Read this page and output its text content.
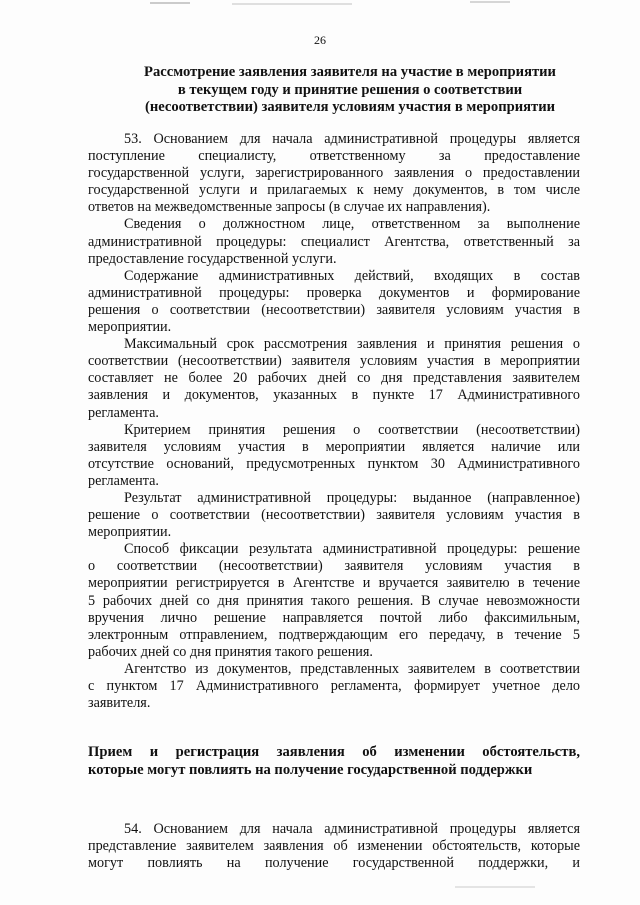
26
Рассмотрение заявления заявителя на участие в мероприятии
в текущем году и принятие решения о соответствии
(несоответствии) заявителя условиям участия в мероприятии
53. Основанием для начала административной процедуры является
поступление специалисту, ответственному за предоставление
государственной услуги, зарегистрированного заявления о предоставлении
государственной услуги и прилагаемых к нему документов, в том числе
ответов на межведомственные запросы (в случае их направления).
Сведения о должностном лице, ответственном за выполнение
административной процедуры: специалист Агентства, ответственный за
предоставление государственной услуги.
Содержание административных действий, входящих в состав
административной процедуры: проверка документов и формирование
решения о соответствии (несоответствии) заявителя условиям участия в
мероприятии.
Максимальный срок рассмотрения заявления и принятия решения о
соответствии (несоответствии) заявителя условиям участия в мероприятии
составляет не более 20 рабочих дней со дня представления заявителем
заявления и документов, указанных в пункте 17 Административного
регламента.
Критерием принятия решения о соответствии (несоответствии)
заявителя условиям участия в мероприятии является наличие или
отсутствие оснований, предусмотренных пунктом 30 Административного
регламента.
Результат административной процедуры: выданное (направленное)
решение о соответствии (несоответствии) заявителя условиям участия в
мероприятии.
Способ фиксации результата административной процедуры: решение
о соответствии (несоответствии) заявителя условиям участия в
мероприятии регистрируется в Агентстве и вручается заявителю в течение
5 рабочих дней со дня принятия такого решения. В случае невозможности
вручения лично решение направляется почтой либо факсимильным,
электронным отправлением, подтверждающим его передачу, в течение 5
рабочих дней со дня принятия такого решения.
Агентство из документов, представленных заявителем в соответствии
с пунктом 17 Административного регламента, формирует учетное дело
заявителя.
Прием и регистрация заявления об изменении обстоятельств,
которые могут повлиять на получение государственной поддержки
54. Основанием для начала административной процедуры является
представление заявителем заявления об изменении обстоятельств, которые
могут повлиять на получение государственной поддержки, и
